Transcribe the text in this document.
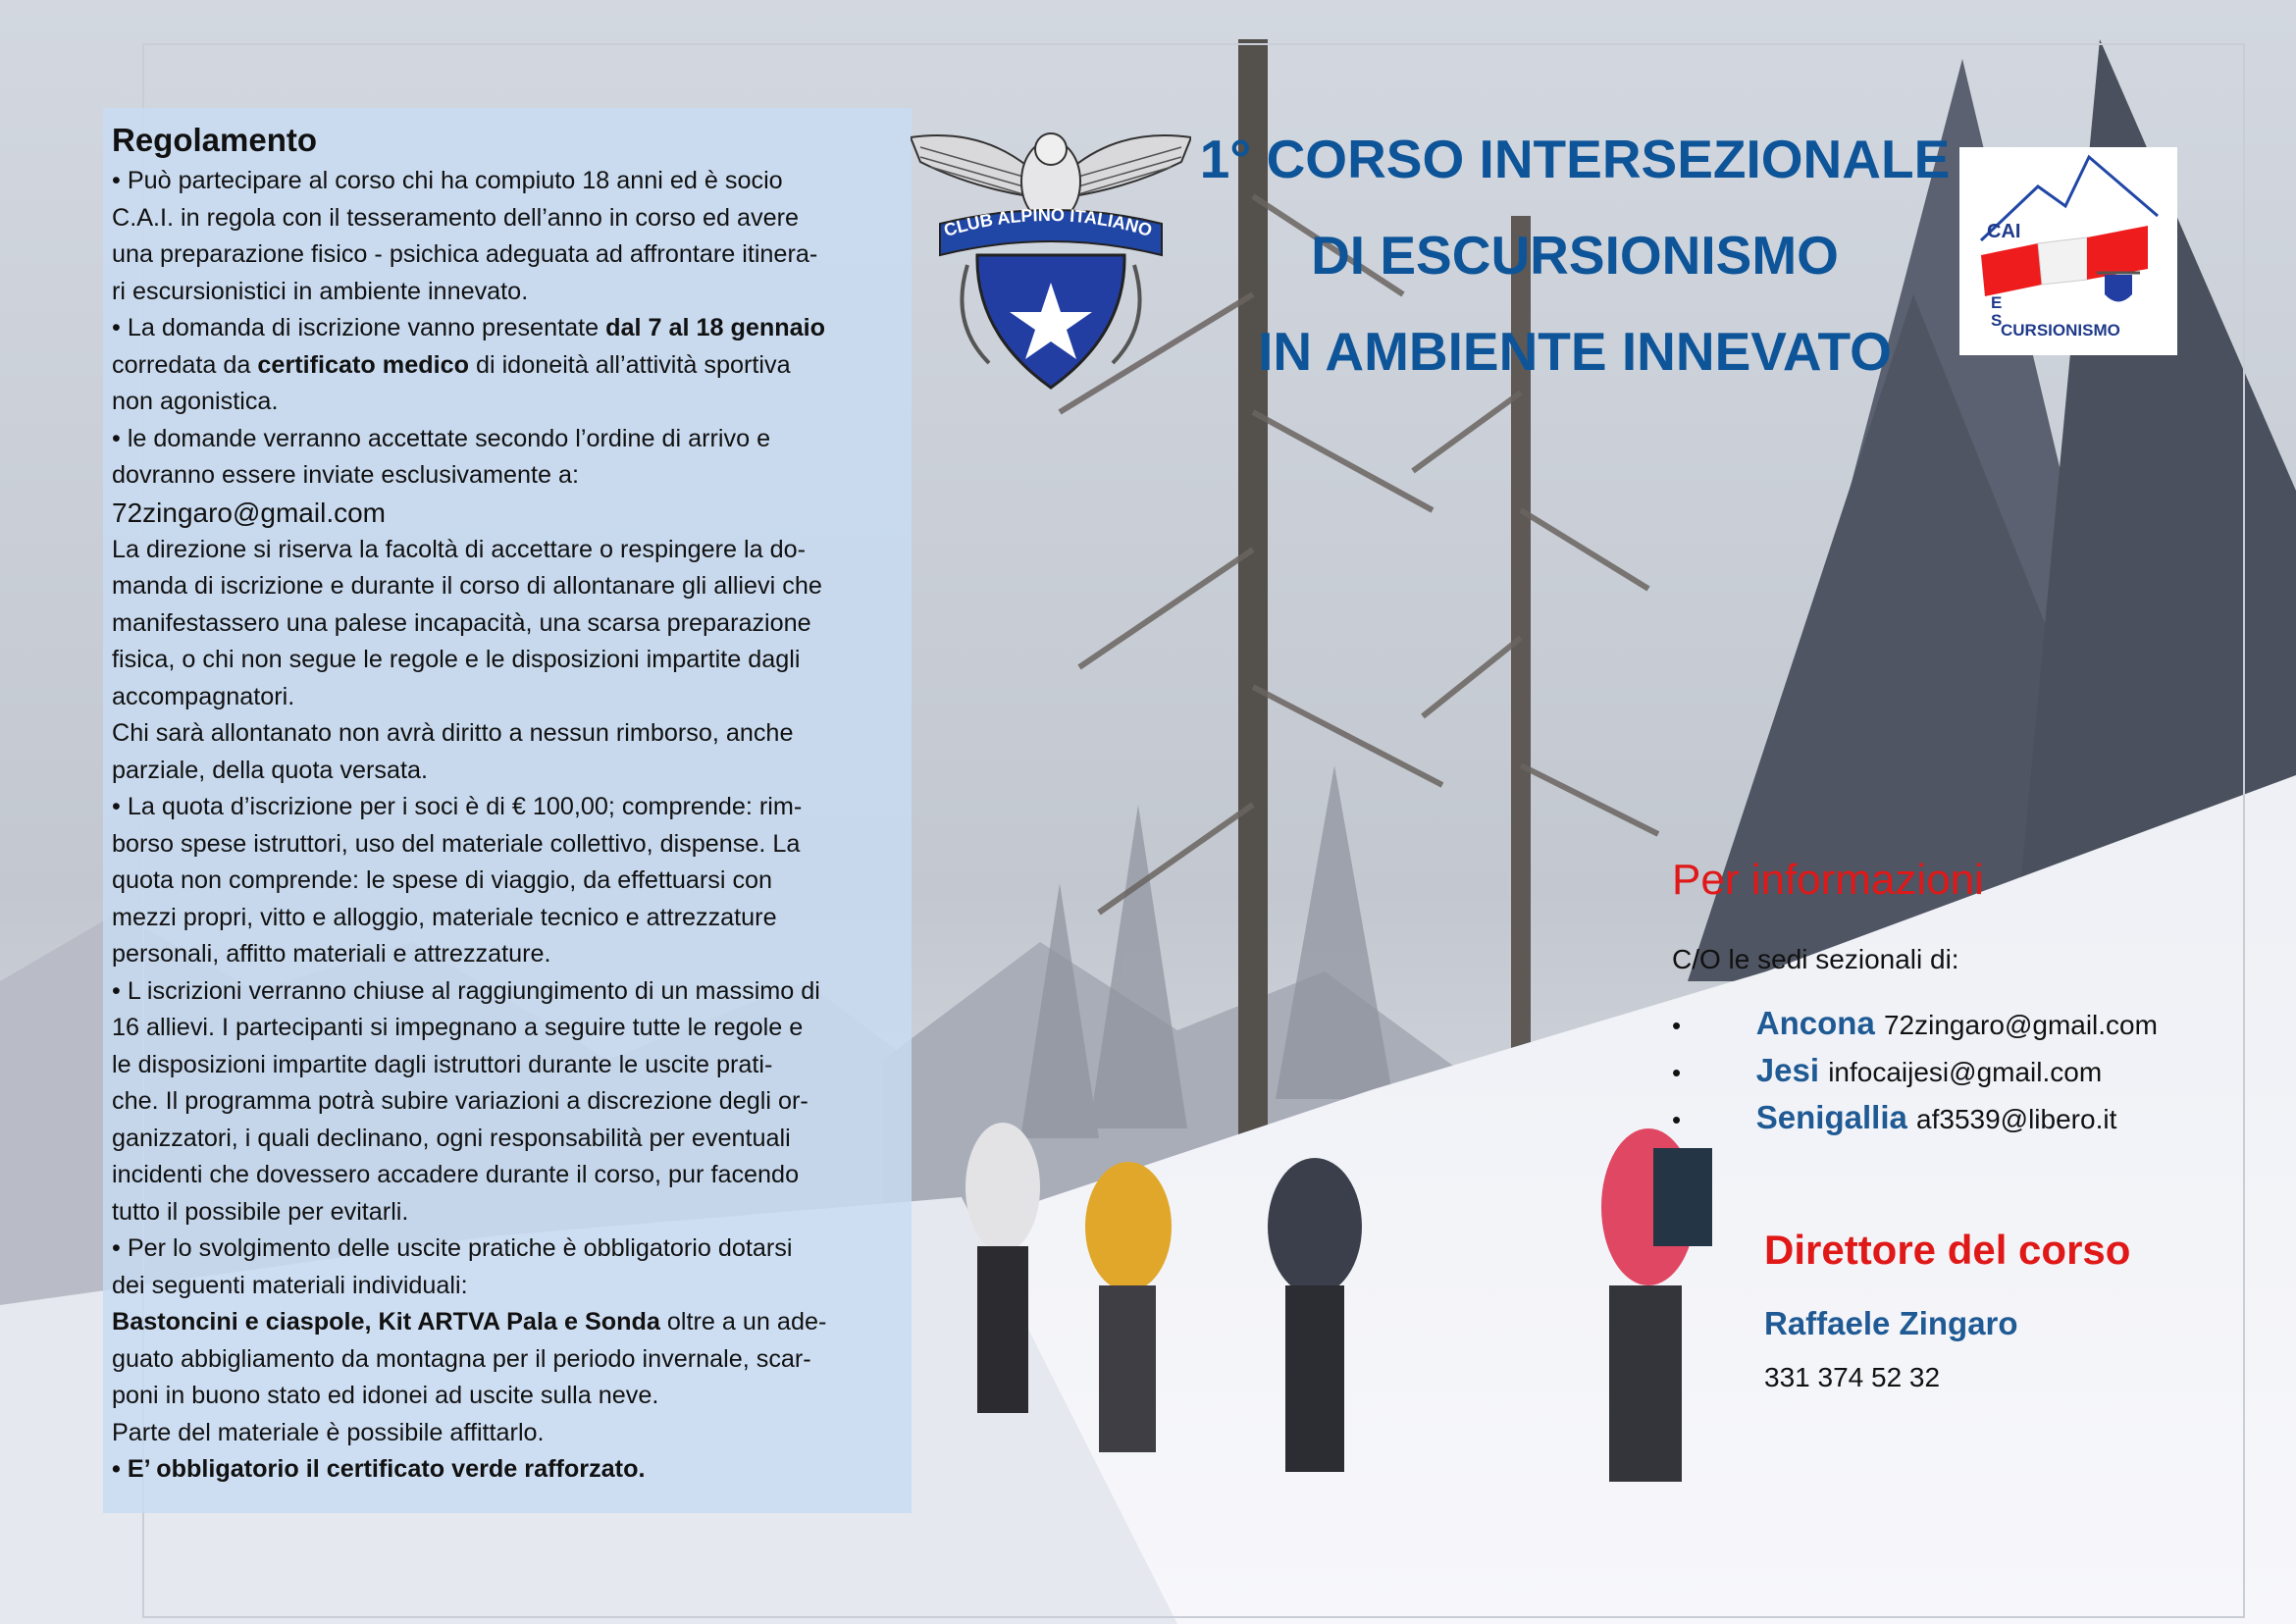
Regolamento
• Può partecipare al corso chi ha compiuto 18 anni ed è socio
C.A.I. in regola con il tesseramento dell’anno in corso ed avere
una preparazione fisico - psichica adeguata ad affrontare itinera-
ri escursionistici in ambiente innevato.
• La domanda di iscrizione vanno presentate dal 7 al 18 gennaio
corredata da certificato medico di idoneità all’attività sportiva
non agonistica.
• le domande verranno accettate secondo l’ordine di arrivo e
dovranno essere inviate esclusivamente a:
72zingaro@gmail.com
La direzione si riserva la facoltà di accettare o respingere la do-
manda di iscrizione e durante il corso di allontanare gli allievi che
manifestassero una palese incapacità, una scarsa preparazione
fisica, o chi non segue le regole e le disposizioni impartite dagli
accompagnatori.
Chi sarà allontanato non avrà diritto a nessun rimborso, anche
parziale, della quota versata.
• La quota d’iscrizione per i soci è di € 100,00; comprende: rim-
borso spese istruttori, uso del materiale collettivo, dispense. La
quota non comprende: le spese di viaggio, da effettuarsi con
mezzi propri, vitto e alloggio, materiale tecnico e attrezzature
personali, affitto materiali e attrezzature.
• L iscrizioni verranno chiuse al raggiungimento di un massimo di
16 allievi. I partecipanti si impegnano a seguire tutte le regole e
le disposizioni impartite dagli istruttori durante le uscite prati-
che. Il programma potrà subire variazioni a discrezione degli or-
ganizzatori, i quali declinano, ogni responsabilità per eventuali
incidenti che dovessero accadere durante il corso, pur facendo
tutto il possibile per evitarli.
• Per lo svolgimento delle uscite pratiche è obbligatorio dotarsi
dei seguenti materiali individuali:
Bastoncini e ciaspole, Kit ARTVA Pala e Sonda oltre a un ade-
guato abbigliamento da montagna per il periodo invernale, scar-
poni in buono stato ed idonei ad uscite sulla neve.
Parte del materiale è possibile affittarlo.
• E’ obbligatorio il certificato verde rafforzato.
CLUB ALPINO ITALIANO
1° CORSO INTERSEZIONALE
DI ESCURSIONISMO
IN AMBIENTE INNEVATO
CAI
E
S
CURSIONISMO
Per informazioni
C/O le sedi sezionali di:
• Ancona 72zingaro@gmail.com
• Jesi infocaijesi@gmail.com
• Senigallia af3539@libero.it
Direttore del corso
Raffaele Zingaro
331 374 52 32
